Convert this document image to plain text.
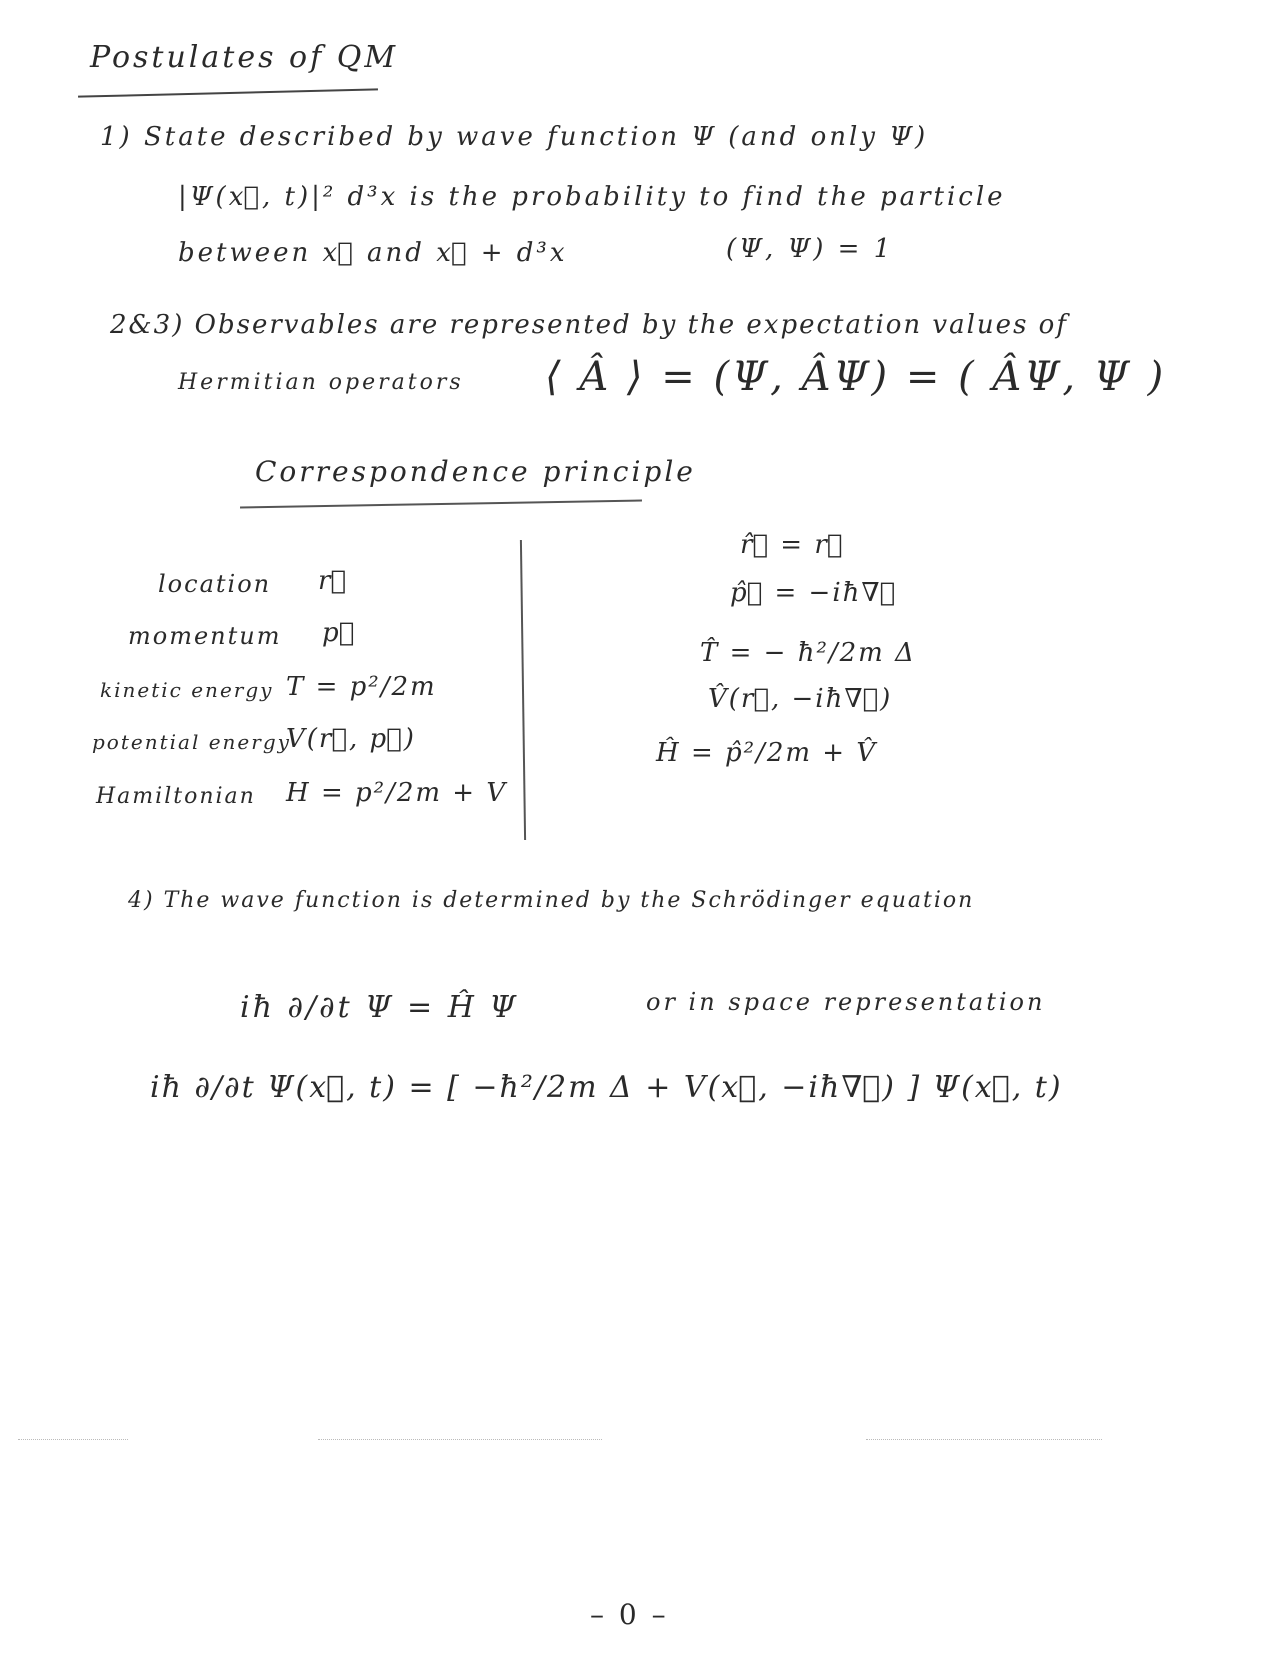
Postulates of QM
1) State described by wave function Ψ (and only Ψ)
|Ψ(x⃗, t)|² d³x is the probability to find the particle
between x⃗ and x⃗ + d³x	(Ψ, Ψ) = 1
2&3) Observables are represented by the expectation values of
Hermitian operators ⟨ Â ⟩ = (Ψ, ÂΨ) = ( ÂΨ, Ψ )
Correspondence principle
location
momentum
kinetic energy
potential energy
Hamiltonian
r⃗
p⃗
T = p²/2m
V(r⃗, p⃗)
H = p²/2m + V
r̂⃗ = r⃗
p̂⃗ = −iħ∇⃗
T̂ = − ħ²/2m Δ
V̂(r⃗, −iħ∇⃗)
Ĥ = p̂²/2m + V̂
4) The wave function is determined by the Schrödinger equation
iħ ∂/∂t Ψ = Ĥ Ψ	or in space representation
iħ ∂/∂t Ψ(x⃗, t) = [ −ħ²/2m Δ + V(x⃗, −iħ∇⃗) ] Ψ(x⃗, t)
– 0 –
